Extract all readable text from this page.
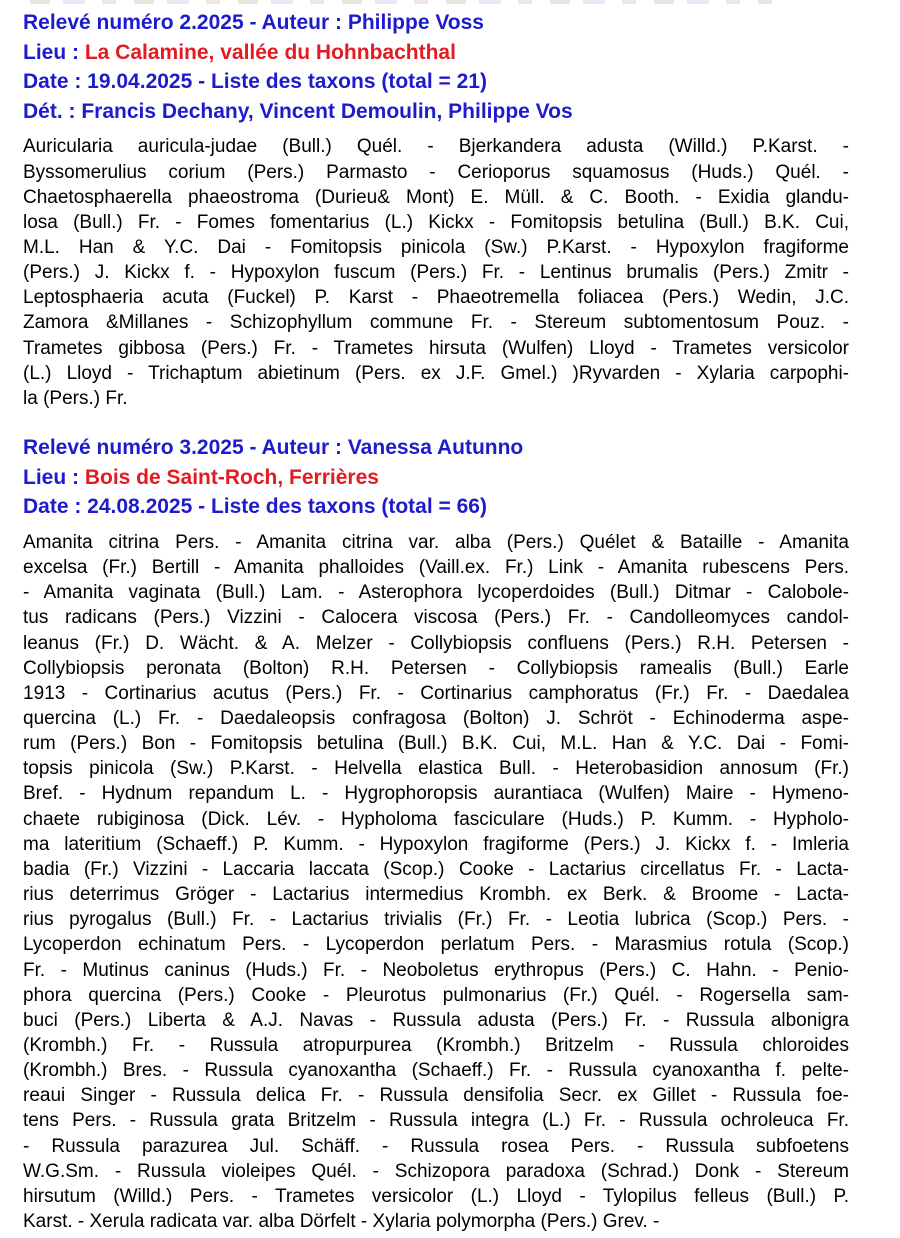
Relevé numéro 2.2025 - Auteur : Philippe Voss
Lieu : La Calamine, vallée du Hohnbachthal
Date : 19.04.2025 - Liste des taxons (total = 21)
Dét. : Francis Dechany, Vincent Demoulin, Philippe Vos
Auricularia auricula-judae (Bull.) Quél. - Bjerkandera adusta (Willd.) P.Karst. -
Byssomerulius corium (Pers.) Parmasto - Cerioporus squamosus (Huds.) Quél. -
Chaetosphaerella phaeostroma (Durieu& Mont) E. Müll. & C. Booth. - Exidia glandu-
losa (Bull.) Fr. - Fomes fomentarius (L.) Kickx - Fomitopsis betulina (Bull.) B.K. Cui,
M.L. Han & Y.C. Dai - Fomitopsis pinicola (Sw.) P.Karst. - Hypoxylon fragiforme
(Pers.) J. Kickx f. - Hypoxylon fuscum (Pers.) Fr. - Lentinus brumalis (Pers.) Zmitr -
Leptosphaeria acuta (Fuckel) P. Karst - Phaeotremella foliacea (Pers.) Wedin, J.C.
Zamora &Millanes - Schizophyllum commune Fr. - Stereum subtomentosum Pouz. -
Trametes gibbosa (Pers.) Fr. - Trametes hirsuta (Wulfen) Lloyd - Trametes versicolor
(L.) Lloyd - Trichaptum abietinum (Pers. ex J.F. Gmel.) )Ryvarden - Xylaria carpophi-
la (Pers.) Fr.
Relevé numéro 3.2025 - Auteur : Vanessa Autunno
Lieu : Bois de Saint-Roch, Ferrières
Date : 24.08.2025 - Liste des taxons (total = 66)
Amanita citrina Pers. - Amanita citrina var. alba (Pers.) Quélet & Bataille - Amanita
excelsa (Fr.) Bertill - Amanita phalloides (Vaill.ex. Fr.) Link - Amanita rubescens Pers.
- Amanita vaginata (Bull.) Lam. - Asterophora lycoperdoides (Bull.) Ditmar - Calobole-
tus radicans (Pers.) Vizzini - Calocera viscosa (Pers.) Fr. - Candolleomyces candol-
leanus (Fr.) D. Wächt. & A. Melzer - Collybiopsis confluens (Pers.) R.H. Petersen -
Collybiopsis peronata (Bolton) R.H. Petersen - Collybiopsis ramealis (Bull.) Earle
1913 - Cortinarius acutus (Pers.) Fr. - Cortinarius camphoratus (Fr.) Fr. - Daedalea
quercina (L.) Fr. - Daedaleopsis confragosa (Bolton) J. Schröt - Echinoderma aspe-
rum (Pers.) Bon - Fomitopsis betulina (Bull.) B.K. Cui, M.L. Han & Y.C. Dai - Fomi-
topsis pinicola (Sw.) P.Karst. - Helvella elastica Bull. - Heterobasidion annosum (Fr.)
Bref. - Hydnum repandum L. - Hygrophoropsis aurantiaca (Wulfen) Maire - Hymeno-
chaete rubiginosa (Dick. Lév. - Hypholoma fasciculare (Huds.) P. Kumm. - Hypholo-
ma lateritium (Schaeff.) P. Kumm. - Hypoxylon fragiforme (Pers.) J. Kickx f. - Imleria
badia (Fr.) Vizzini - Laccaria laccata (Scop.) Cooke - Lactarius circellatus Fr. - Lacta-
rius deterrimus Gröger - Lactarius intermedius Krombh. ex Berk. & Broome - Lacta-
rius pyrogalus (Bull.) Fr. - Lactarius trivialis (Fr.) Fr. - Leotia lubrica (Scop.) Pers. -
Lycoperdon echinatum Pers. - Lycoperdon perlatum Pers. - Marasmius rotula (Scop.)
Fr. - Mutinus caninus (Huds.) Fr. - Neoboletus erythropus (Pers.) C. Hahn. - Penio-
phora quercina (Pers.) Cooke - Pleurotus pulmonarius (Fr.) Quél. - Rogersella sam-
buci (Pers.) Liberta & A.J. Navas - Russula adusta (Pers.) Fr. - Russula albonigra
(Krombh.) Fr. - Russula atropurpurea (Krombh.) Britzelm - Russula chloroides
(Krombh.) Bres. - Russula cyanoxantha (Schaeff.) Fr. - Russula cyanoxantha f. pelte-
reaui Singer - Russula delica Fr. - Russula densifolia Secr. ex Gillet - Russula foe-
tens Pers. - Russula grata Britzelm - Russula integra (L.) Fr. - Russula ochroleuca Fr.
- Russula parazurea Jul. Schäff. - Russula rosea Pers. - Russula subfoetens
W.G.Sm. - Russula violeipes Quél. - Schizopora paradoxa (Schrad.) Donk - Stereum
hirsutum (Willd.) Pers. - Trametes versicolor (L.) Lloyd - Tylopilus felleus (Bull.) P.
Karst. - Xerula radicata var. alba Dörfelt - Xylaria polymorpha (Pers.) Grev. -
